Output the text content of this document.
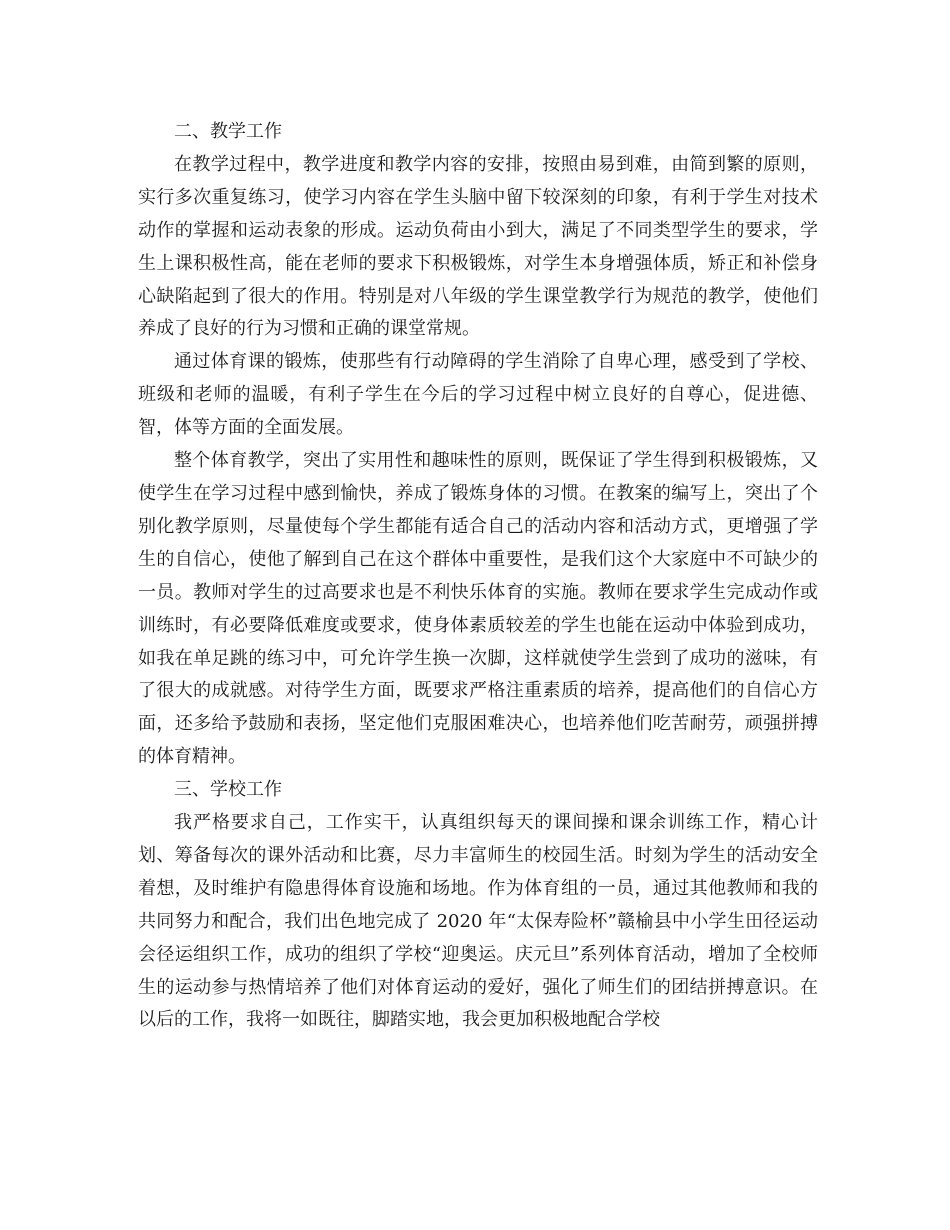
二、教学工作

在教学过程中，教学进度和教学内容的安排，按照由易到难，由简到繁的原则，实行多次重复练习，使学习内容在学生头脑中留下较深刻的印象，有利于学生对技术动作的掌握和运动表象的形成。运动负荷由小到大，满足了不同类型学生的要求，学生上课积极性高，能在老师的要求下积极锻炼，对学生本身增强体质，矫正和补偿身心缺陷起到了很大的作用。特别是对八年级的学生课堂教学行为规范的教学，使他们养成了良好的行为习惯和正确的课堂常规。

通过体育课的锻炼，使那些有行动障碍的学生消除了自卑心理，感受到了学校、班级和老师的温暖，有利子学生在今后的学习过程中树立良好的自尊心，促进德、智，体等方面的全面发展。

整个体育教学，突出了实用性和趣味性的原则，既保证了学生得到积极锻炼，又使学生在学习过程中感到愉快，养成了锻炼身体的习惯。在教案的编写上，突出了个别化教学原则，尽量使每个学生都能有适合自己的活动内容和活动方式，更增强了学生的自信心，使他了解到自己在这个群体中重要性，是我们这个大家庭中不可缺少的一员。教师对学生的过高要求也是不利快乐体育的实施。教师在要求学生完成动作或训练时，有必要降低难度或要求，使身体素质较差的学生也能在运动中体验到成功，如我在单足跳的练习中，可允许学生换一次脚，这样就使学生尝到了成功的滋味，有了很大的成就感。对待学生方面，既要求严格注重素质的培养，提高他们的自信心方面，还多给予鼓励和表扬，坚定他们克服困难决心，也培养他们吃苦耐劳，顽强拼搏的体育精神。

三、学校工作

我严格要求自己，工作实干，认真组织每天的课间操和课余训练工作，精心计划、筹备每次的课外活动和比赛，尽力丰富师生的校园生活。时刻为学生的活动安全着想，及时维护有隐患得体育设施和场地。作为体育组的一员，通过其他教师和我的共同努力和配合，我们出色地完成了 2020 年“太保寿险杯”赣榆县中小学生田径运动会径运组织工作，成功的组织了学校“迎奥运。庆元旦”系列体育活动，增加了全校师生的运动参与热情培养了他们对体育运动的爱好，强化了师生们的团结拼搏意识。在以后的工作，我将一如既往，脚踏实地，我会更加积极地配合学校
